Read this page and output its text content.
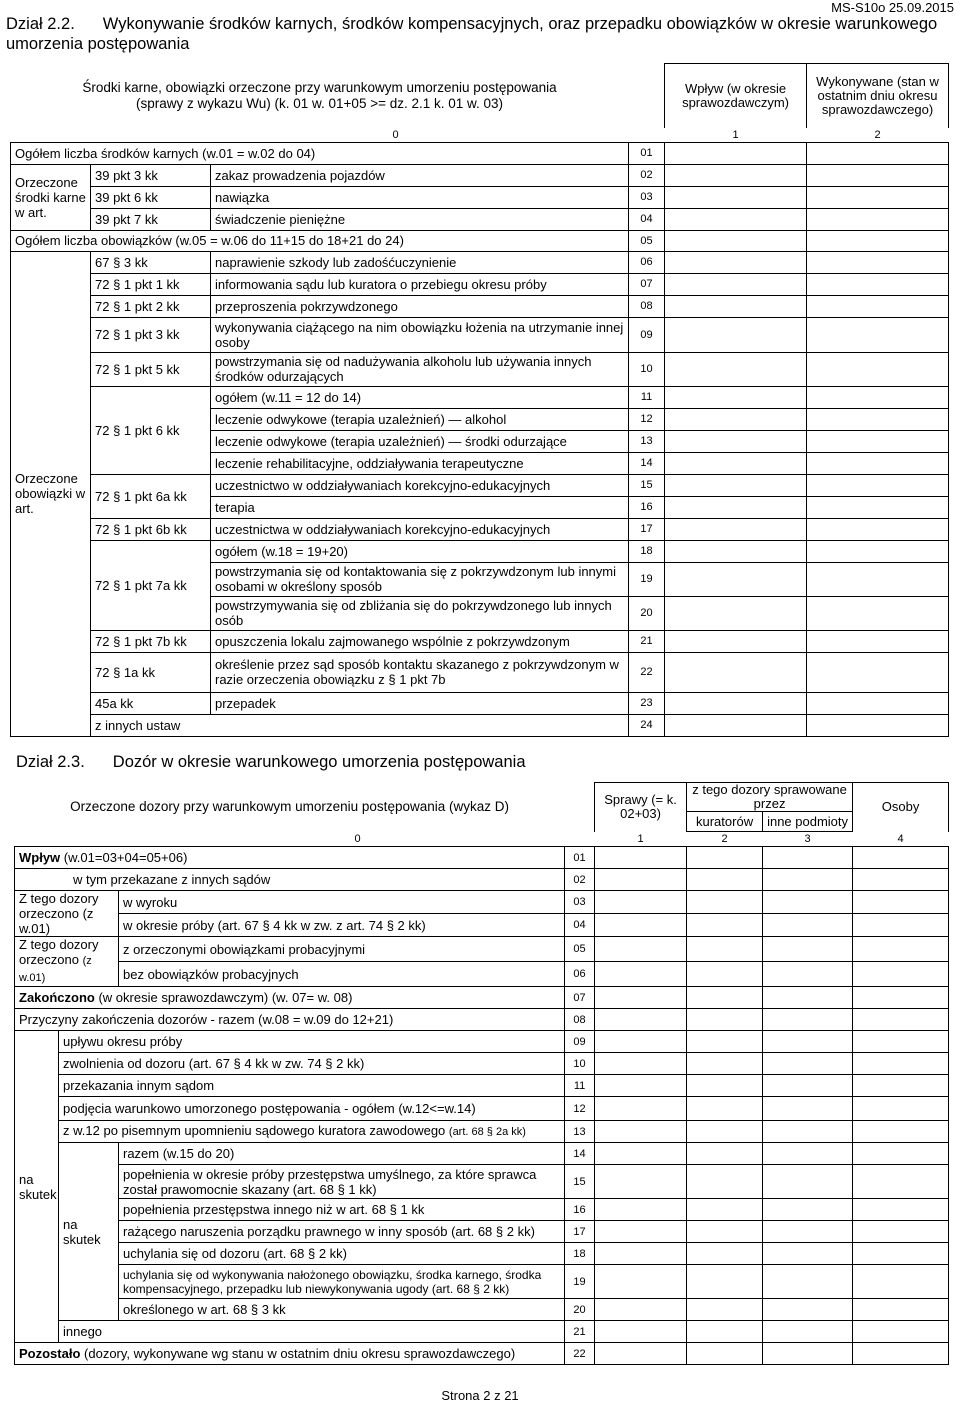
MS-S10o 25.09.2015
Dział 2.2. Wykonywanie środków karnych, środków kompensacyjnych, oraz przepadku obowiązków w okresie warunkowego umorzenia postępowania
Środki karne, obowiązki orzeczone przy warunkowym umorzeniu postępowania (sprawy z wykazu Wu) (k. 01 w. 01+05 >= dz. 2.1 k. 01 w. 03)				Wpływ (w okresie sprawozdawczym)	Wykonywane (stan w ostatnim dniu okresu sprawozdawczego)
0				1	2
Ogółem liczba środków karnych (w.01 = w.02 do 04)			01		
Orzeczone środki karne w art.	39 pkt 3 kk	zakaz prowadzenia pojazdów	02		
	39 pkt 6 kk	nawiązka	03		
	39 pkt 7 kk	świadczenie pieniężne	04		
Ogółem liczba obowiązków (w.05 = w.06 do 11+15 do 18+21 do 24)			05		
Orzeczone obowiązki w art.	67 § 3 kk	naprawienie szkody lub zadośćuczynienie	06		
	72 § 1 pkt 1 kk	informowania sądu lub kuratora o przebiegu okresu próby	07		
	72 § 1 pkt 2 kk	przeproszenia pokrzywdzonego	08		
	72 § 1 pkt 3 kk	wykonywania ciążącego na nim obowiązku łożenia na utrzymanie innej osoby	09		
	72 § 1 pkt 5 kk	powstrzymania się od nadużywania alkoholu lub używania innych środków odurzających	10		
	72 § 1 pkt 6 kk	ogółem (w.11 = 12 do 14)	11		
		leczenie odwykowe (terapia uzależnień) — alkohol	12		
		leczenie odwykowe (terapia uzależnień) — środki odurzające	13		
		leczenie rehabilitacyjne, oddziaływania terapeutyczne	14		
	72 § 1 pkt 6a kk	uczestnictwo w oddziaływaniach korekcyjno-edukacyjnych	15		
		terapia	16		
	72 § 1 pkt 6b kk	uczestnictwa w oddziaływaniach korekcyjno-edukacyjnych	17		
	72 § 1 pkt 7a kk	ogółem (w.18 = 19+20)	18		
		powstrzymania się od kontaktowania się z pokrzywdzonym lub innymi osobami w określony sposób	19		
		powstrzymywania się od zbliżania się do pokrzywdzonego lub innych osób	20		
	72 § 1 pkt 7b kk	opuszczenia lokalu zajmowanego wspólnie z pokrzywdzonym	21		
	72 § 1a kk	określenie przez sąd sposób kontaktu skazanego z pokrzywdzonym w razie orzeczenia obowiązku z § 1 pkt 7b	22		
	45a kk	przepadek	23		
	z innych ustaw		24		
Dział 2.3. Dozór w okresie warunkowego umorzenia postępowania
Orzeczone dozory przy warunkowym umorzeniu postępowania (wykaz D)				Sprawy (= k. 02+03)	z tego dozory sprawowane przez		Osoby
					kuratorów	inne podmioty	
0				1	2	3	4
Wpływ (w.01=03+04=05+06)			01				
w tym przekazane z innych sądów			02				
Z tego dozory orzeczono (z w.01)		w wyroku	03				
		w okresie próby (art. 67 § 4 kk w zw. z art. 74 § 2 kk)	04				
Z tego dozory orzeczono (z w.01)		z orzeczonymi obowiązkami probacyjnymi	05				
		bez obowiązków probacyjnych	06				
Zakończono (w okresie sprawozdawczym) (w. 07= w. 08)			07				
Przyczyny zakończenia dozorów - razem (w.08 = w.09 do 12+21)			08				
na skutek	upływu okresu próby		09				
	zwolnienia od dozoru (art. 67 § 4 kk w zw. 74 § 2 kk)		10				
	przekazania innym sądom		11				
	podjęcia warunkowo umorzonego postępowania - ogółem (w.12<=w.14)		12				
	z w.12 po pisemnym upomnieniu sądowego kuratora zawodowego (art. 68 § 2a kk)		13				
	na skutek	razem (w.15 do 20)	14				
		popełnienia w okresie próby przestępstwa umyślnego, za które sprawca został prawomocnie skazany (art. 68 § 1 kk)	15				
		popełnienia przestępstwa innego niż w art. 68 § 1 kk	16				
		rażącego naruszenia porządku prawnego w inny sposób (art. 68 § 2 kk)	17				
		uchylania się od dozoru (art. 68 § 2 kk)	18				
		uchylania się od wykonywania nałożonego obowiązku, środka karnego, środka kompensacyjnego, przepadku lub niewykonywania ugody (art. 68 § 2 kk)	19				
		określonego w art. 68 § 3 kk	20				
	innego		21				
Pozostało (dozory, wykonywane wg stanu w ostatnim dniu okresu sprawozdawczego)			22				
Strona 2 z 21
